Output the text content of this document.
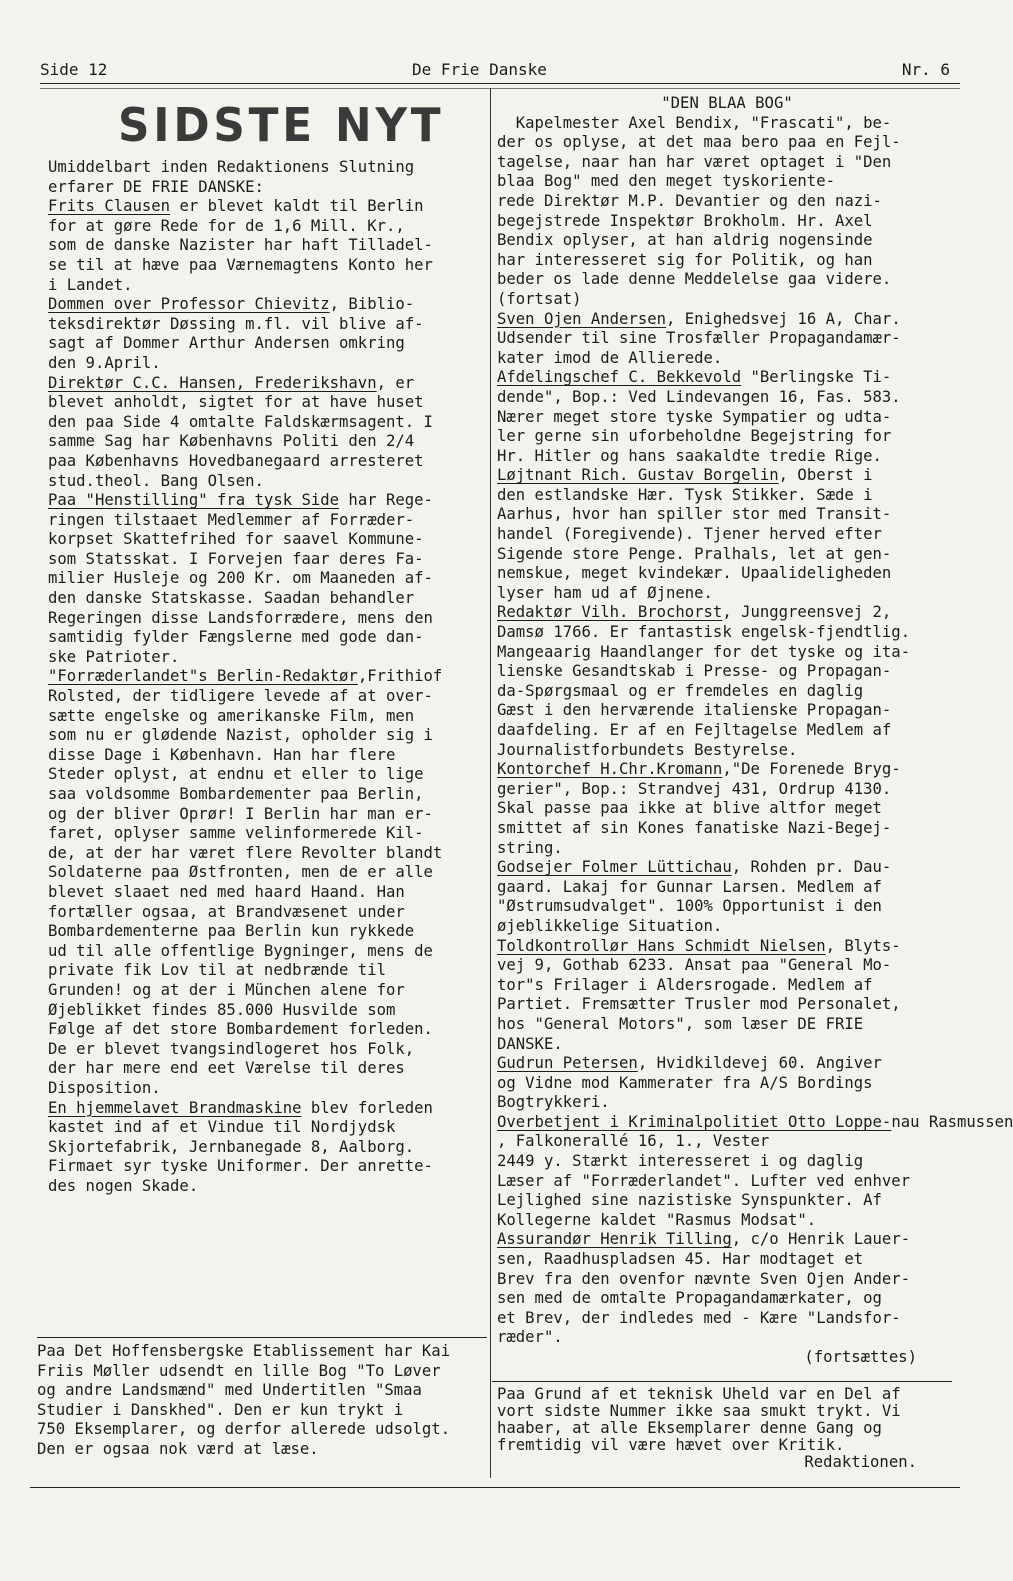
Side 12	De Frie Danske	Nr. 6
SIDSTE NYT

Umiddelbart inden Redaktionens Slutning

erfarer DE FRIE DANSKE:

Frits Clausen er blevet kaldt til Berlin

for at gøre Rede for de 1,6 Mill. Kr.,

som de danske Nazister har haft Tilladel-

se til at hæve paa Værnemagtens Konto her

i Landet.

Dommen over Professor Chievitz, Biblio-

teksdirektør Døssing m.fl. vil blive af-

sagt af Dommer Arthur Andersen omkring

den 9.April.

Direktør C.C. Hansen, Frederikshavn, er

blevet anholdt, sigtet for at have huset

den paa Side 4 omtalte Faldskærmsagent. I

samme Sag har Københavns Politi den 2/4

paa Københavns Hovedbanegaard arresteret

stud.theol. Bang Olsen.

Paa "Henstilling" fra tysk Side har Rege-

ringen tilstaaet Medlemmer af Forræder-

korpset Skattefrihed for saavel Kommune-

som Statsskat. I Forvejen faar deres Fa-

milier Husleje og 200 Kr. om Maaneden af-

den danske Statskasse. Saadan behandler

Regeringen disse Landsforrædere, mens den

samtidig fylder Fængslerne med gode dan-

ske Patrioter.

"Forræderlandet"s Berlin-Redaktør,Frithiof

Rolsted, der tidligere levede af at over-

sætte engelske og amerikanske Film, men

som nu er glødende Nazist, opholder sig i

disse Dage i København. Han har flere

Steder oplyst, at endnu et eller to lige

saa voldsomme Bombardementer paa Berlin,

og der bliver Oprør! I Berlin har man er-

faret, oplyser samme velinformerede Kil-

de, at der har været flere Revolter blandt

Soldaterne paa Østfronten, men de er alle

blevet slaaet ned med haard Haand. Han

fortæller ogsaa, at Brandvæsenet under

Bombardementerne paa Berlin kun rykkede

ud til alle offentlige Bygninger, mens de

private fik Lov til at nedbrænde til

Grunden! og at der i München alene for

Øjeblikket findes 85.000 Husvilde som

Følge af det store Bombardement forleden.

De er blevet tvangsindlogeret hos Folk,

der har mere end eet Værelse til deres

Disposition.

En hjemmelavet Brandmaskine blev forleden

kastet ind af et Vindue til Nordjydsk

Skjortefabrik, Jernbanegade 8, Aalborg.

Firmaet syr tyske Uniformer. Der anrette-

des nogen Skade.

Paa Det Hoffensbergske Etablissement har Kai

Friis Møller udsendt en lille Bog "To Løver

og andre Landsmænd" med Undertitlen "Smaa

Studier i Danskhed". Den er kun trykt i

750 Eksemplarer, og derfor allerede udsolgt.

Den er ogsaa nok værd at læse.

"DEN BLAA BOG"

Kapelmester Axel Bendix, "Frascati", be-

der os oplyse, at det maa bero paa en Fejl-

tagelse, naar han har været optaget i "Den

blaa Bog" med den meget tyskoriente-

rede Direktør M.P. Devantier og den nazi-

begejstrede Inspektør Brokholm. Hr. Axel

Bendix oplyser, at han aldrig nogensinde

har interesseret sig for Politik, og han

beder os lade denne Meddelelse gaa videre.

(fortsat)

Sven Ojen Andersen, Enighedsvej 16 A, Char.

Udsender til sine Trosfæller Propagandamær-

kater imod de Allierede.

Afdelingschef C. Bekkevold "Berlingske Ti-

dende", Bop.: Ved Lindevangen 16, Fas. 583.

Nærer meget store tyske Sympatier og udta-

ler gerne sin uforbeholdne Begejstring for

Hr. Hitler og hans saakaldte tredie Rige.

Løjtnant Rich. Gustav Borgelin, Oberst i

den estlandske Hær. Tysk Stikker. Sæde i

Aarhus, hvor han spiller stor med Transit-

handel (Foregivende). Tjener herved efter

Sigende store Penge. Pralhals, let at gen-

nemskue, meget kvindekær. Upaalideligheden

lyser ham ud af Øjnene.

Redaktør Vilh. Brochorst, Junggreensvej 2,

Damsø 1766. Er fantastisk engelsk-fjendtlig.

Mangeaarig Haandlanger for det tyske og ita-

lienske Gesandtskab i Presse- og Propagan-

da-Spørgsmaal og er fremdeles en daglig

Gæst i den herværende italienske Propagan-

daafdeling. Er af en Fejltagelse Medlem af

Journalistforbundets Bestyrelse.

Kontorchef H.Chr.Kromann,"De Forenede Bryg-

gerier", Bop.: Strandvej 431, Ordrup 4130.

Skal passe paa ikke at blive altfor meget

smittet af sin Kones fanatiske Nazi-Begej-

string.

Godsejer Folmer Lüttichau, Rohden pr. Dau-

gaard. Lakaj for Gunnar Larsen. Medlem af

"Østrumsudvalget". 100% Opportunist i den

øjeblikkelige Situation.

Toldkontrollør Hans Schmidt Nielsen, Blyts-

vej 9, Gothab 6233. Ansat paa "General Mo-

tor"s Frilager i Aldersrogade. Medlem af

Partiet. Fremsætter Trusler mod Personalet,

hos "General Motors", som læser DE FRIE

DANSKE.

Gudrun Petersen, Hvidkildevej 60. Angiver

og Vidne mod Kammerater fra A/S Bordings

Bogtrykkeri.

Overbetjent i Kriminalpolitiet Otto Loppe-nau Rasmussen

, Falkonerallé 16, 1., Vester

2449 y. Stærkt interesseret i og daglig

Læser af "Forræderlandet". Lufter ved enhver

Lejlighed sine nazistiske Synspunkter. Af

Kollegerne kaldet "Rasmus Modsat".

Assurandør Henrik Tilling, c/o Henrik Lauer-

sen, Raadhuspladsen 45. Har modtaget et

Brev fra den ovenfor nævnte Sven Ojen Ander-

sen med de omtalte Propagandamærkater, og

et Brev, der indledes med - Kære "Landsfor-

ræder".

(fortsættes)

Paa Grund af et teknisk Uheld var en Del af

vort sidste Nummer ikke saa smukt trykt. Vi

haaber, at alle Eksemplarer denne Gang og

fremtidig vil være hævet over Kritik.

Redaktionen.
